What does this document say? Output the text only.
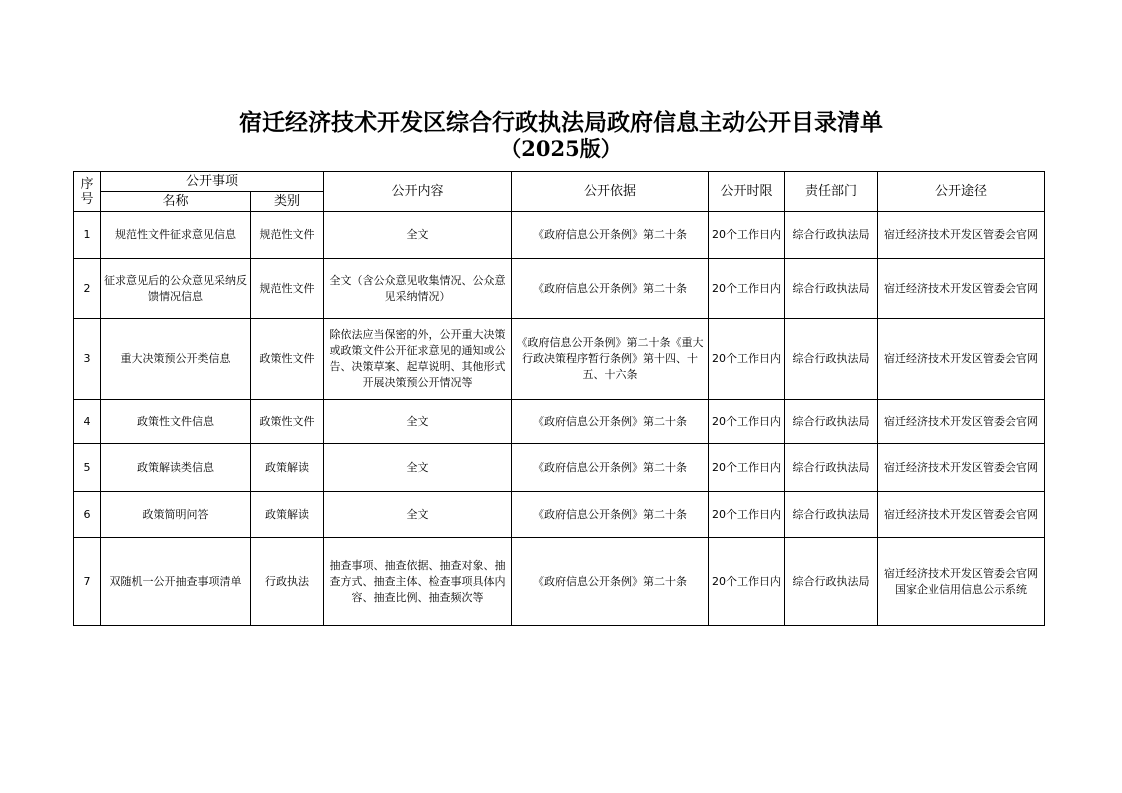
宿迁经济技术开发区综合行政执法局政府信息主动公开目录清单
（2025版）
序号	公开事项		公开内容	公开依据	公开时限	责任部门	公开途径
	名称	类别					
1	规范性文件征求意见信息	规范性文件	全文	《政府信息公开条例》第二十条	20个工作日内	综合行政执法局	宿迁经济技术开发区管委会官网
2	征求意见后的公众意见采纳反馈情况信息	规范性文件	全文（含公众意见收集情况、公众意见采纳情况）	《政府信息公开条例》第二十条	20个工作日内	综合行政执法局	宿迁经济技术开发区管委会官网
3	重大决策预公开类信息	政策性文件	除依法应当保密的外，公开重大决策或政策文件公开征求意见的通知或公告、决策草案、起草说明、其他形式开展决策预公开情况等	《政府信息公开条例》第二十条《重大行政决策程序暂行条例》第十四、十五、十六条	20个工作日内	综合行政执法局	宿迁经济技术开发区管委会官网
4	政策性文件信息	政策性文件	全文	《政府信息公开条例》第二十条	20个工作日内	综合行政执法局	宿迁经济技术开发区管委会官网
5	政策解读类信息	政策解读	全文	《政府信息公开条例》第二十条	20个工作日内	综合行政执法局	宿迁经济技术开发区管委会官网
6	政策简明问答	政策解读	全文	《政府信息公开条例》第二十条	20个工作日内	综合行政执法局	宿迁经济技术开发区管委会官网
7	双随机一公开抽查事项清单	行政执法	抽查事项、抽查依据、抽查对象、抽查方式、抽查主体、检查事项具体内容、抽查比例、抽查频次等	《政府信息公开条例》第二十条	20个工作日内	综合行政执法局	宿迁经济技术开发区管委会官网 国家企业信用信息公示系统
